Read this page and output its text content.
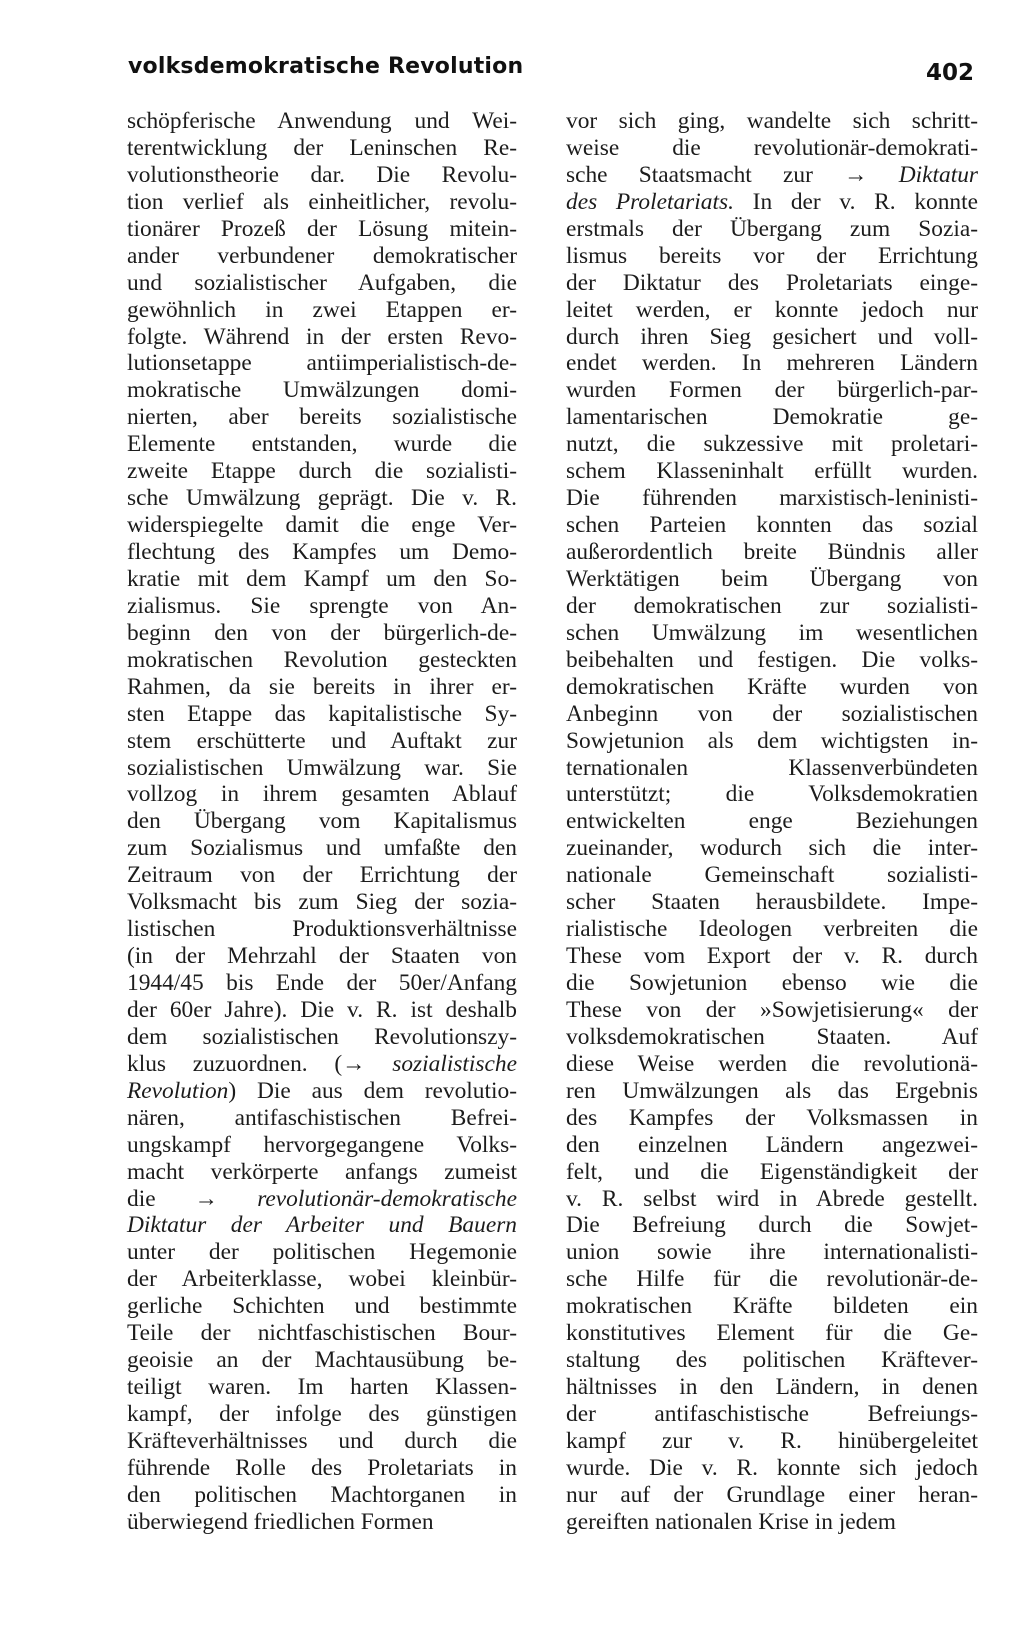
volksdemokratische Revolution	402
schöpferische Anwendung und Wei-
terentwicklung der Leninschen Re-
volutionstheorie dar. Die Revolu-
tion verlief als einheitlicher, revolu-
tionärer Prozeß der Lösung mitein-
ander verbundener demokratischer
und sozialistischer Aufgaben, die
gewöhnlich in zwei Etappen er-
folgte. Während in der ersten Revo-
lutionsetappe antiimperialistisch-de-
mokratische Umwälzungen domi-
nierten, aber bereits sozialistische
Elemente entstanden, wurde die
zweite Etappe durch die sozialisti-
sche Umwälzung geprägt. Die v. R.
widerspiegelte damit die enge Ver-
flechtung des Kampfes um Demo-
kratie mit dem Kampf um den So-
zialismus. Sie sprengte von An-
beginn den von der bürgerlich-de-
mokratischen Revolution gesteckten
Rahmen, da sie bereits in ihrer er-
sten Etappe das kapitalistische Sy-
stem erschütterte und Auftakt zur
sozialistischen Umwälzung war. Sie
vollzog in ihrem gesamten Ablauf
den Übergang vom Kapitalismus
zum Sozialismus und umfaßte den
Zeitraum von der Errichtung der
Volksmacht bis zum Sieg der sozia-
listischen Produktionsverhältnisse
(in der Mehrzahl der Staaten von
1944/45 bis Ende der 50er/Anfang
der 60er Jahre). Die v. R. ist deshalb
dem sozialistischen Revolutionszy-
klus zuzuordnen. (→ sozialistische
Revolution) Die aus dem revolutio-
nären, antifaschistischen Befrei-
ungskampf hervorgegangene Volks-
macht verkörperte anfangs zumeist
die → revolutionär-demokratische
Diktatur der Arbeiter und Bauern
unter der politischen Hegemonie
der Arbeiterklasse, wobei kleinbür-
gerliche Schichten und bestimmte
Teile der nichtfaschistischen Bour-
geoisie an der Machtausübung be-
teiligt waren. Im harten Klassen-
kampf, der infolge des günstigen
Kräfteverhältnisses und durch die
führende Rolle des Proletariats in
den politischen Machtorganen in
überwiegend friedlichen Formen
vor sich ging, wandelte sich schritt-
weise die revolutionär-demokrati-
sche Staatsmacht zur → Diktatur
des Proletariats. In der v. R. konnte
erstmals der Übergang zum Sozia-
lismus bereits vor der Errichtung
der Diktatur des Proletariats einge-
leitet werden, er konnte jedoch nur
durch ihren Sieg gesichert und voll-
endet werden. In mehreren Ländern
wurden Formen der bürgerlich-par-
lamentarischen Demokratie ge-
nutzt, die sukzessive mit proletari-
schem Klasseninhalt erfüllt wurden.
Die führenden marxistisch-leninisti-
schen Parteien konnten das sozial
außerordentlich breite Bündnis aller
Werktätigen beim Übergang von
der demokratischen zur sozialisti-
schen Umwälzung im wesentlichen
beibehalten und festigen. Die volks-
demokratischen Kräfte wurden von
Anbeginn von der sozialistischen
Sowjetunion als dem wichtigsten in-
ternationalen Klassenverbündeten
unterstützt; die Volksdemokratien
entwickelten enge Beziehungen
zueinander, wodurch sich die inter-
nationale Gemeinschaft sozialisti-
scher Staaten herausbildete. Impe-
rialistische Ideologen verbreiten die
These vom Export der v. R. durch
die Sowjetunion ebenso wie die
These von der »Sowjetisierung« der
volksdemokratischen Staaten. Auf
diese Weise werden die revolutionä-
ren Umwälzungen als das Ergebnis
des Kampfes der Volksmassen in
den einzelnen Ländern angezwei-
felt, und die Eigenständigkeit der
v. R. selbst wird in Abrede gestellt.
Die Befreiung durch die Sowjet-
union sowie ihre internationalisti-
sche Hilfe für die revolutionär-de-
mokratischen Kräfte bildeten ein
konstitutives Element für die Ge-
staltung des politischen Kräftever-
hältnisses in den Ländern, in denen
der antifaschistische Befreiungs-
kampf zur v. R. hinübergeleitet
wurde. Die v. R. konnte sich jedoch
nur auf der Grundlage einer heran-
gereiften nationalen Krise in jedem
